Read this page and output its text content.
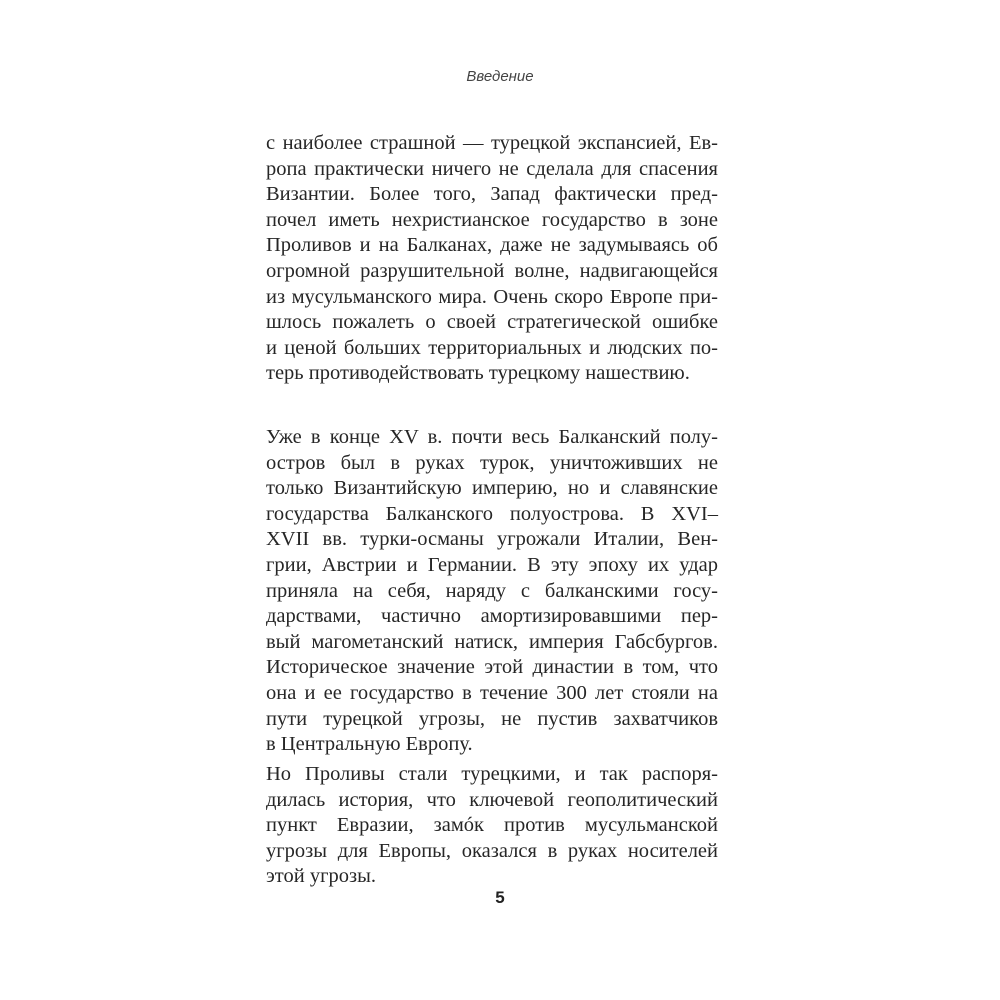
Введение
с наиболее страшной — турецкой экспансией, Ев-
ропа практически ничего не сделала для спасения
Византии. Более того, Запад фактически пред-
почел иметь нехристианское государство в зоне
Проливов и на Балканах, даже не задумываясь об
огромной разрушительной волне, надвигающейся
из мусульманского мира. Очень скоро Европе при-
шлось пожалеть о своей стратегической ошибке
и ценой больших территориальных и людских по-
терь противодействовать турецкому нашествию.
Уже в конце XV в. почти весь Балканский полу-
остров был в руках турок, уничтоживших не
только Византийскую империю, но и славянские
государства Балканского полуострова. В XVI–
XVII вв. турки-османы угрожали Италии, Вен-
грии, Австрии и Германии. В эту эпоху их удар
приняла на себя, наряду с балканскими госу-
дарствами, частично амортизировавшими пер-
вый магометанский натиск, империя Габсбургов.
Историческое значение этой династии в том, что
она и ее государство в течение 300 лет стояли на
пути турецкой угрозы, не пустив захватчиков
в Центральную Европу.
Но Проливы стали турецкими, и так распоря-
дилась история, что ключевой геополитический
пункт Евразии, замóк против мусульманской
угрозы для Европы, оказался в руках носителей
этой угрозы.
5
